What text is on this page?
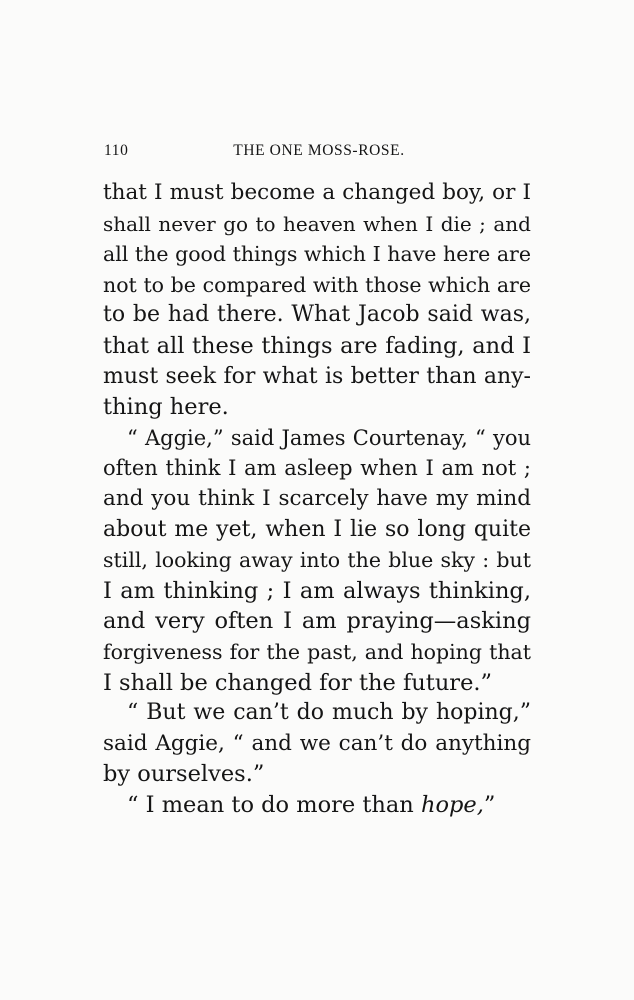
110	THE ONE MOSS-ROSE.
that I must become a changed boy, or I
shall never go to heaven when I die ; and
all the good things which I have here are
not to be compared with those which are
to be had there. What Jacob said was,
that all these things are fading, and I
must seek for what is better than any-
thing here.
“ Aggie,” said James Courtenay, “ you
often think I am asleep when I am not ;
and you think I scarcely have my mind
about me yet, when I lie so long quite
still, looking away into the blue sky : but
I am thinking ; I am always thinking,
and very often I am praying—asking
forgiveness for the past, and hoping that
I shall be changed for the future.”
“ But we can’t do much by hoping,”
said Aggie, “ and we can’t do anything
by ourselves.”
“ I mean to do more than hope,”
